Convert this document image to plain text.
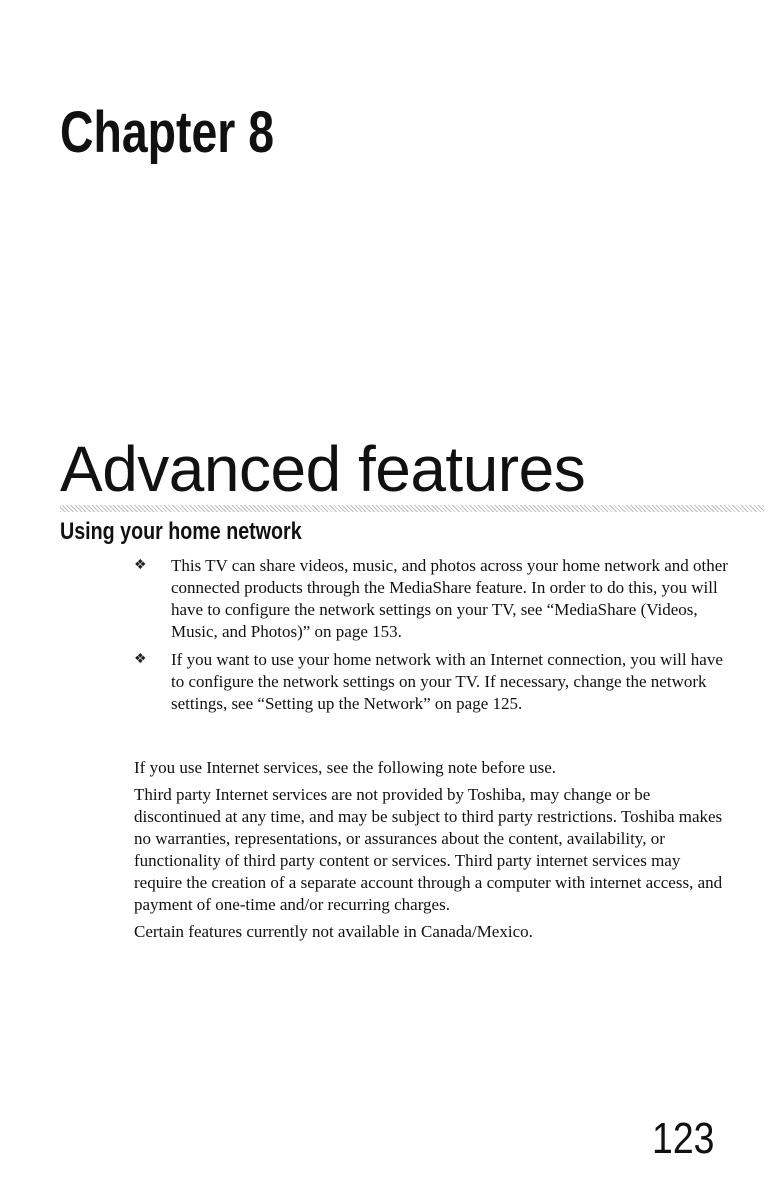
Chapter 8
Advanced features
Using your home network
❖ This TV can share videos, music, and photos across your home network and other connected products through the MediaShare feature. In order to do this, you will have to configure the network settings on your TV, see “MediaShare (Videos, Music, and Photos)” on page 153.
❖ If you want to use your home network with an Internet connection, you will have to configure the network settings on your TV. If necessary, change the network settings, see “Setting up the Network” on page 125.

If you use Internet services, see the following note before use.

Third party Internet services are not provided by Toshiba, may change or be discontinued at any time, and may be subject to third party restrictions. Toshiba makes no warranties, representations, or assurances about the content, availability, or functionality of third party content or services. Third party internet services may require the creation of a separate account through a computer with internet access, and payment of one-time and/or recurring charges.

Certain features currently not available in Canada/Mexico.

123
